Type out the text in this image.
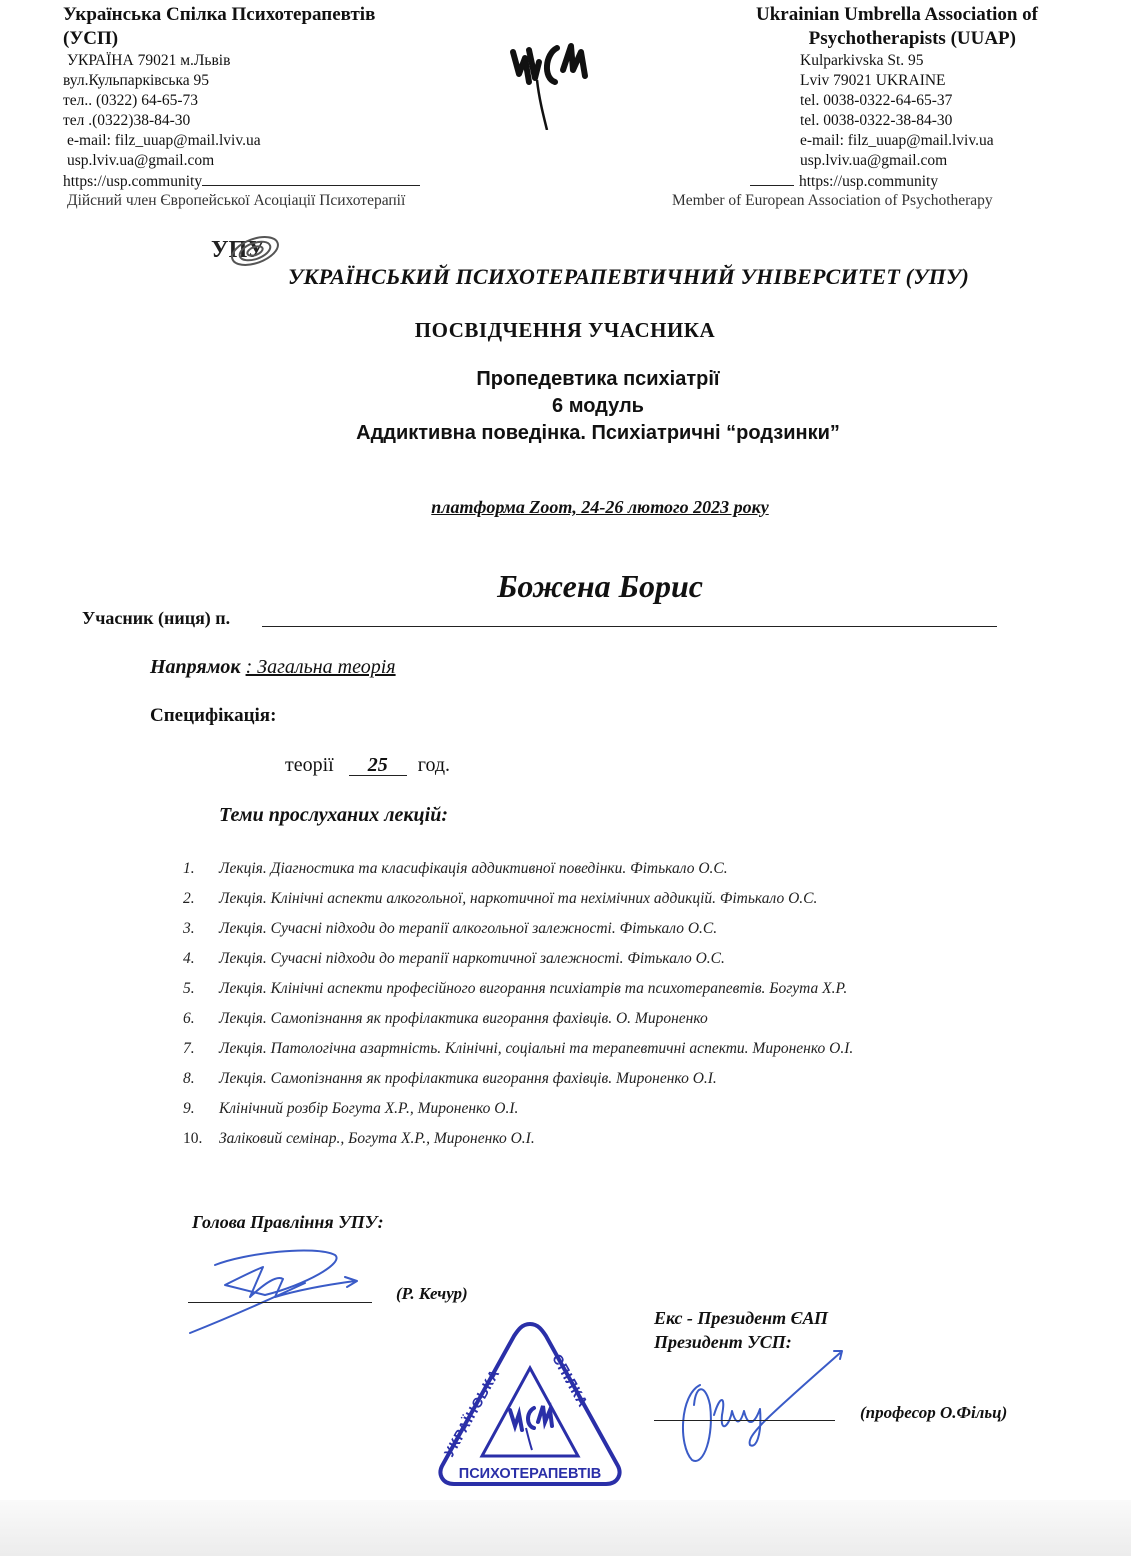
Українська Спілка Психотерапевтів
(УСП)
УКРАЇНА 79021 м.Львів
вул.Кульпарківська 95
тел.. (0322) 64-65-73
тел .(0322)38-84-30
e-mail: filz_uuap@mail.lviv.ua
usp.lviv.ua@gmail.com
https://usp.community
Дійсний член Європейської Асоціації Психотерапії
Ukrainian Umbrella Association of
Psychotherapists (UUAP)
Kulparkivska St. 95
Lviv 79021 UKRAINE
tel. 0038-0322-64-65-37
tel. 0038-0322-38-84-30
e-mail: filz_uuap@mail.lviv.ua
usp.lviv.ua@gmail.com
https://usp.community
Member of European Association of Psychotherapy
УПУ
УКРАЇНСЬКИЙ ПСИХОТЕРАПЕВТИЧНИЙ УНІВЕРСИТЕТ (УПУ)
ПОСВІДЧЕННЯ УЧАСНИКА
Пропедевтика психіатрії
6 модуль
Аддиктивна поведінка. Психіатричні “родзинки”
платформа Zoom, 24-26 лютого 2023 року
Божена Борис
Учасник (ниця) п.
Напрямок : Загальна теорія
Специфікація:
теорії 25 год.
Теми прослуханих лекцій:
1.	Лекція. Діагностика та класифікація аддиктивної поведінки. Фітькало О.С.
2.	Лекція. Клінічні аспекти алкогольної, наркотичної та нехімічних аддикцій. Фітькало О.С.
3.	Лекція. Сучасні підходи до терапії алкогольної залежності. Фітькало О.С.
4.	Лекція. Сучасні підходи до терапії наркотичної залежності. Фітькало О.С.
5.	Лекція. Клінічні аспекти професійного вигорання психіатрів та психотерапевтів. Богута Х.Р.
6.	Лекція. Самопізнання як профілактика вигорання фахівців. О. Мироненко
7.	Лекція. Патологічна азартність. Клінічні, соціальні та терапевтичні аспекти. Мироненко О.І.
8.	Лекція. Самопізнання як профілактика вигорання фахівців. Мироненко О.І.
9.	Клінічний розбір Богута Х.Р., Мироненко О.І.
10.	Заліковий семінар., Богута Х.Р., Мироненко О.І.
Голова Правління УПУ:
(Р. Кечур)
УКРАЇНСЬКА
СПІЛКА
ПСИХОТЕРАПЕВТІВ
Екс - Президент ЄАП
Президент УСП:
(професор О.Фільц)
